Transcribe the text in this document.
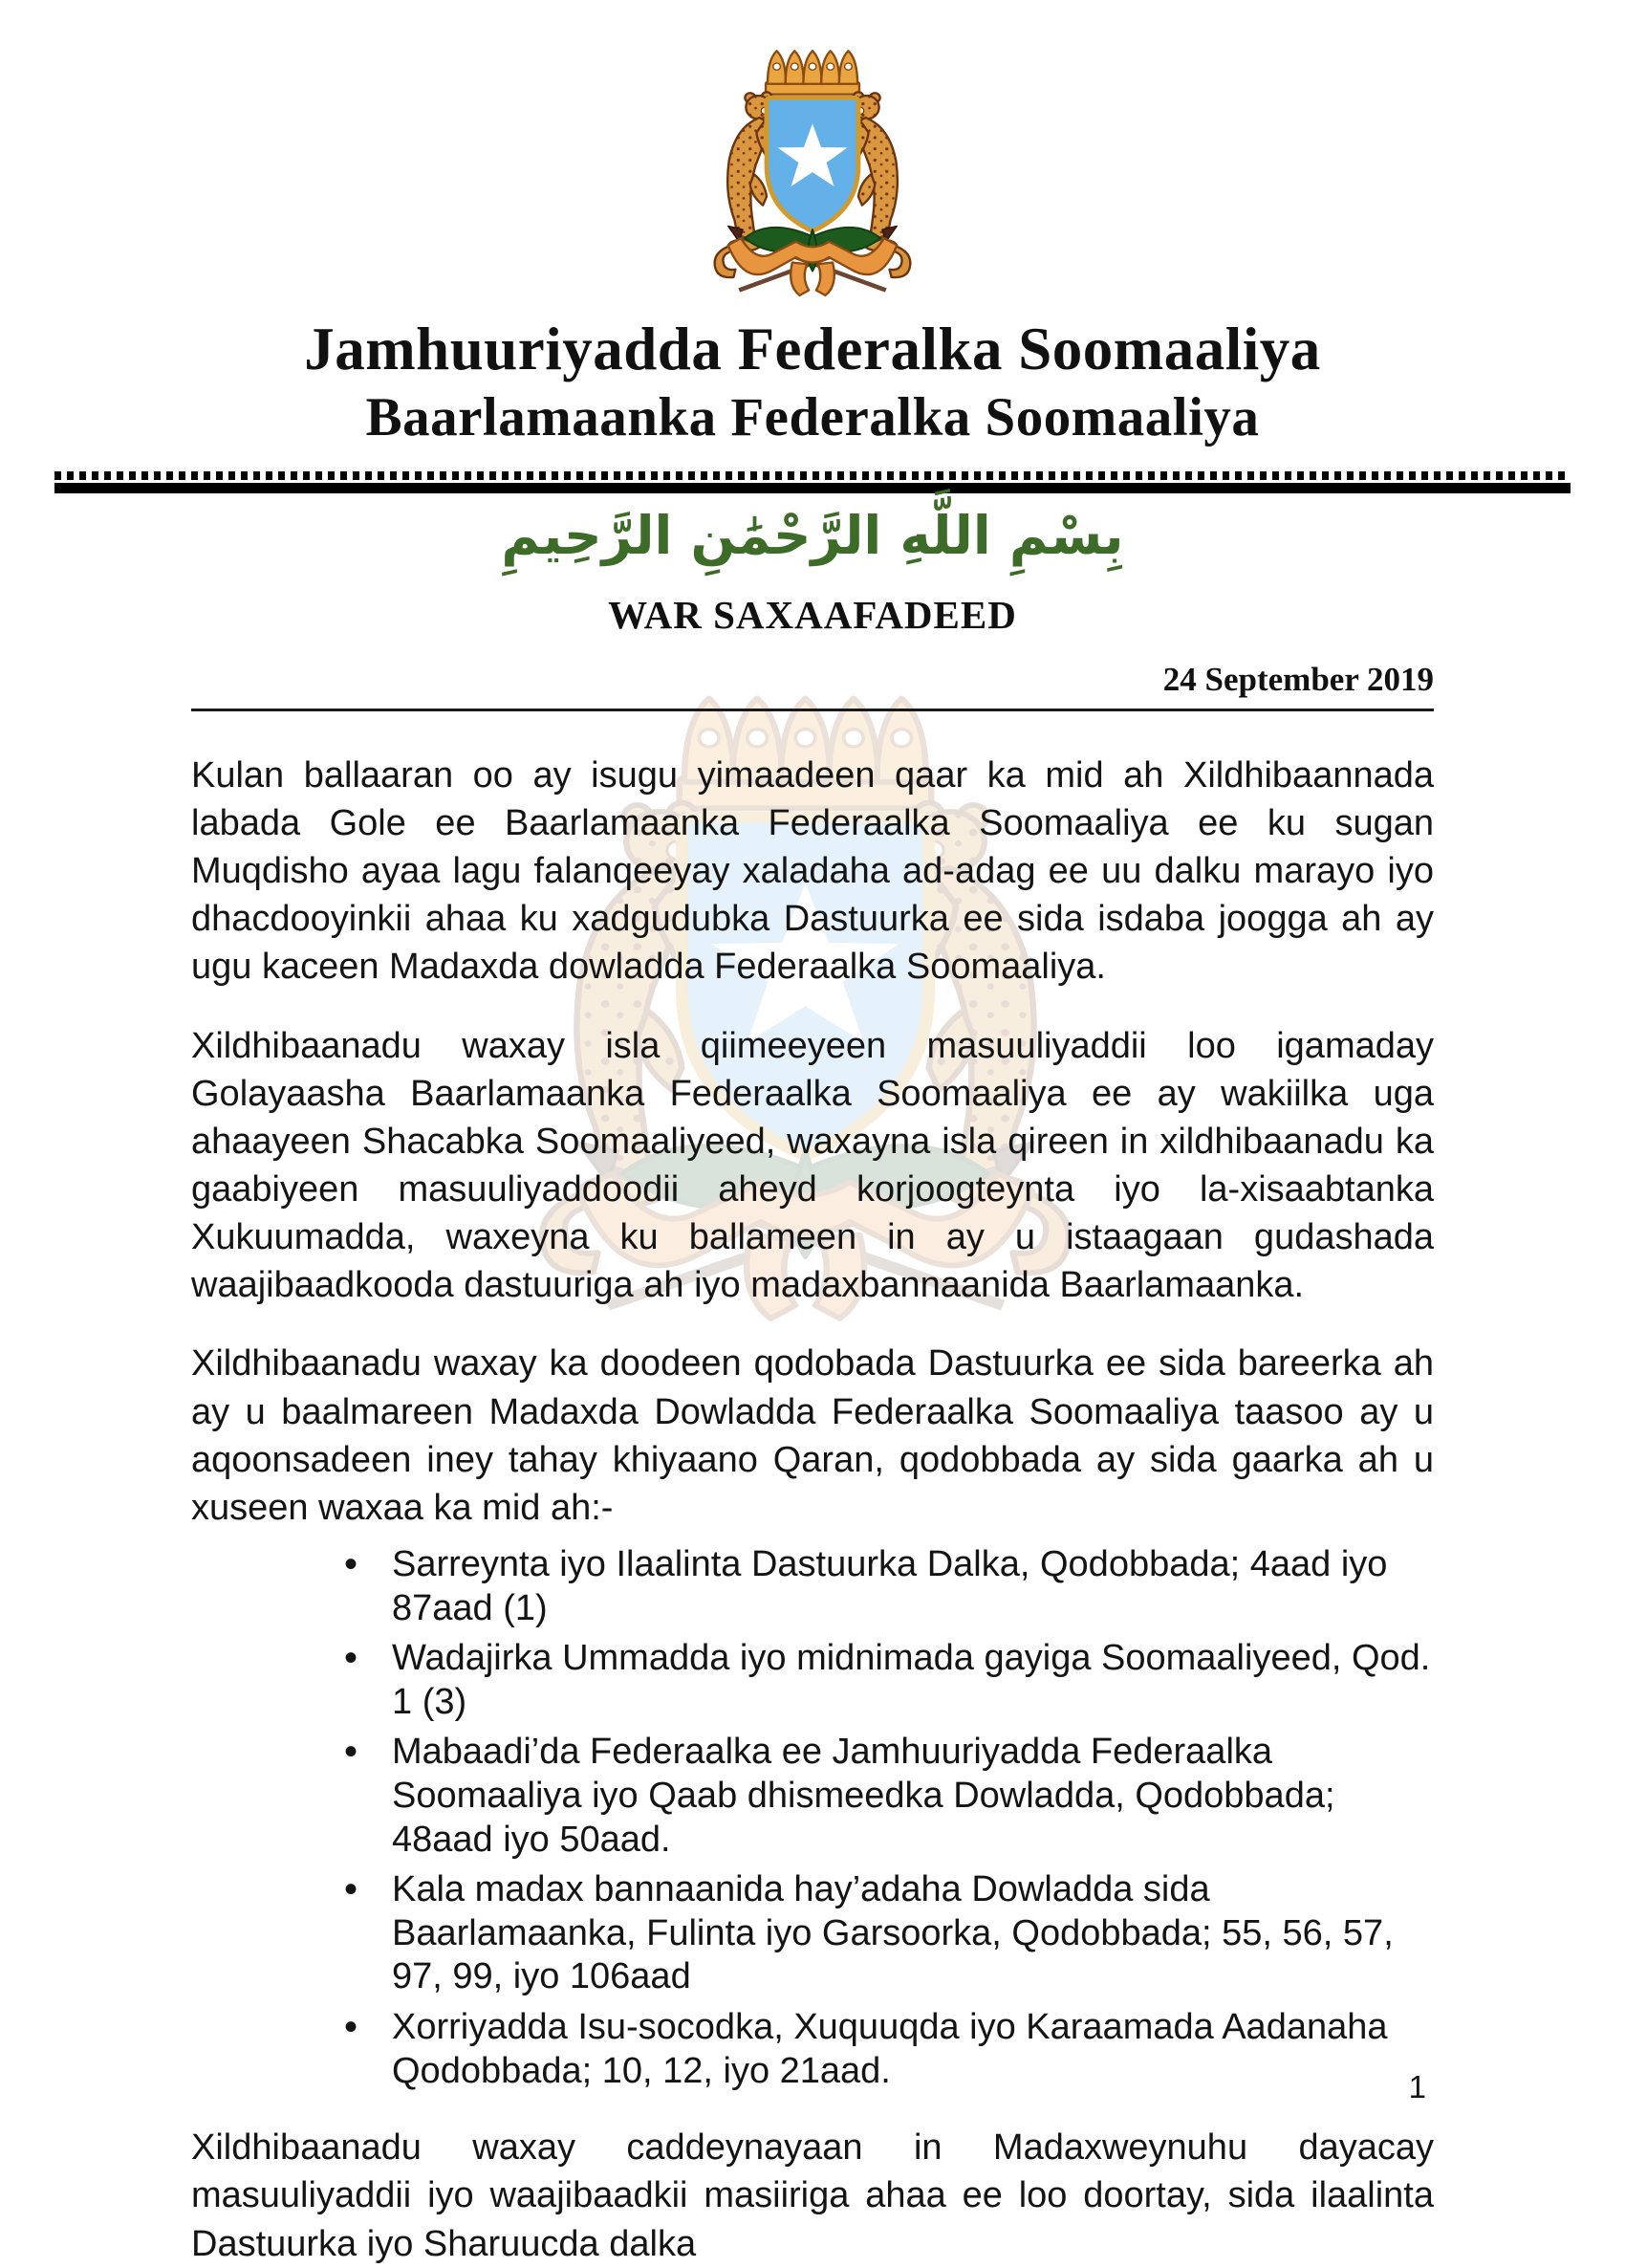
Jamhuuriyadda Federalka Soomaaliya
Baarlamaanka Federalka Soomaaliya
بِسْمِ اللَّهِ الرَّحْمَٰنِ الرَّحِيمِ
WAR SAXAAFADEED
24 September 2019

Kulan ballaaran oo ay isugu yimaadeen qaar ka mid ah Xildhibaannada labada Gole ee Baarlamaanka Federaalka Soomaaliya ee ku sugan Muqdisho ayaa lagu falanqeeyay xaladaha ad-adag ee uu dalku marayo iyo dhacdooyinkii ahaa ku xadgudubka Dastuurka ee sida isdaba joogga ah ay ugu kaceen Madaxda dowladda Federaalka Soomaaliya.

Xildhibaanadu waxay isla qiimeeyeen masuuliyaddii loo igamaday Golayaasha Baarlamaanka Federaalka Soomaaliya ee ay wakiilka uga ahaayeen Shacabka Soomaaliyeed, waxayna isla qireen in xildhibaanadu ka gaabiyeen masuuliyaddoodii aheyd korjoogteynta iyo la-xisaabtanka Xukuumadda, waxeyna ku ballameen in ay u istaagaan gudashada waajibaadkooda dastuuriga ah iyo madaxbannaanida Baarlamaanka.

Xildhibaanadu waxay ka doodeen qodobada Dastuurka ee sida bareerka ah ay u baalmareen Madaxda Dowladda Federaalka Soomaaliya taasoo ay u aqoonsadeen iney tahay khiyaano Qaran, qodobbada ay sida gaarka ah u xuseen waxaa ka mid ah:-

• Sarreynta iyo Ilaalinta Dastuurka Dalka, Qodobbada; 4aad iyo 87aad (1)
• Wadajirka Ummadda iyo midnimada gayiga Soomaaliyeed, Qod. 1 (3)
• Mabaadi’da Federaalka ee Jamhuuriyadda Federaalka Soomaaliya iyo Qaab dhismeedka Dowladda, Qodobbada; 48aad iyo 50aad.
• Kala madax bannaanida hay’adaha Dowladda sida Baarlamaanka, Fulinta iyo Garsoorka, Qodobbada; 55, 56, 57, 97, 99, iyo 106aad
• Xorriyadda Isu-socodka, Xuquuqda iyo Karaamada Aadanaha Qodobbada; 10, 12, iyo 21aad.

Xildhibaanadu waxay caddeynayaan in Madaxweynuhu dayacay masuuliyaddii iyo waajibaadkii masiiriga ahaa ee loo doortay, sida ilaalinta Dastuurka iyo Sharuucda dalka

1
